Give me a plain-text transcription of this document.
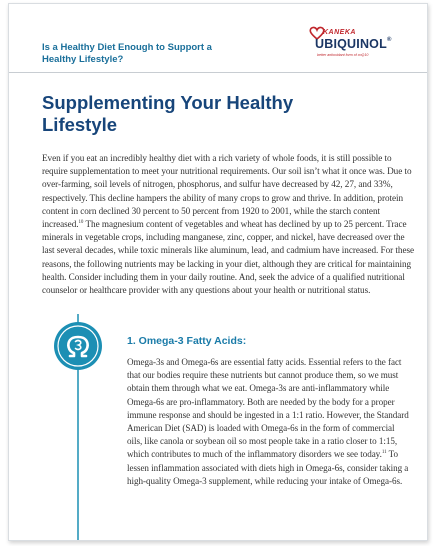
Is a Healthy Diet Enough to Support a Healthy Lifestyle?
KANEKA
UBIQUINOL®
better antioxidant form of coQ10
Supplementing Your Healthy Lifestyle

Even if you eat an incredibly healthy diet with a rich variety of whole foods, it is still possible to require supplementation to meet your nutritional requirements. Our soil isn’t what it once was. Due to over-farming, soil levels of nitrogen, phosphorus, and sulfur have decreased by 42, 27, and 33%, respectively. This decline hampers the ability of many crops to grow and thrive. In addition, protein content in corn declined 30 percent to 50 percent from 1920 to 2001, while the starch content increased.$^{10}$ The magnesium content of vegetables and wheat has declined by up to 25 percent. Trace minerals in vegetable crops, including manganese, zinc, copper, and nickel, have decreased over the last several decades, while toxic minerals like aluminum, lead, and cadmium have increased. For these reasons, the following nutrients may be lacking in your diet, although they are critical for maintaining health. Consider including them in your daily routine. And, seek the advice of a qualified nutritional counselor or healthcare provider with any questions about your health or nutritional status.

1. Omega-3 Fatty Acids:

Omega-3s and Omega-6s are essential fatty acids. Essential refers to the fact that our bodies require these nutrients but cannot produce them, so we must obtain them through what we eat. Omega-3s are anti-inflammatory while Omega-6s are pro-inflammatory. Both are needed by the body for a proper immune response and should be ingested in a 1:1 ratio. However, the Standard American Diet (SAD) is loaded with Omega-6s in the form of commercial oils, like canola or soybean oil so most people take in a ratio closer to 1:15, which contributes to much of the inflammatory disorders we see today.$^{11}$ To lessen inflammation associated with diets high in Omega-6s, consider taking a high-quality Omega-3 supplement, while reducing your intake of Omega-6s.
